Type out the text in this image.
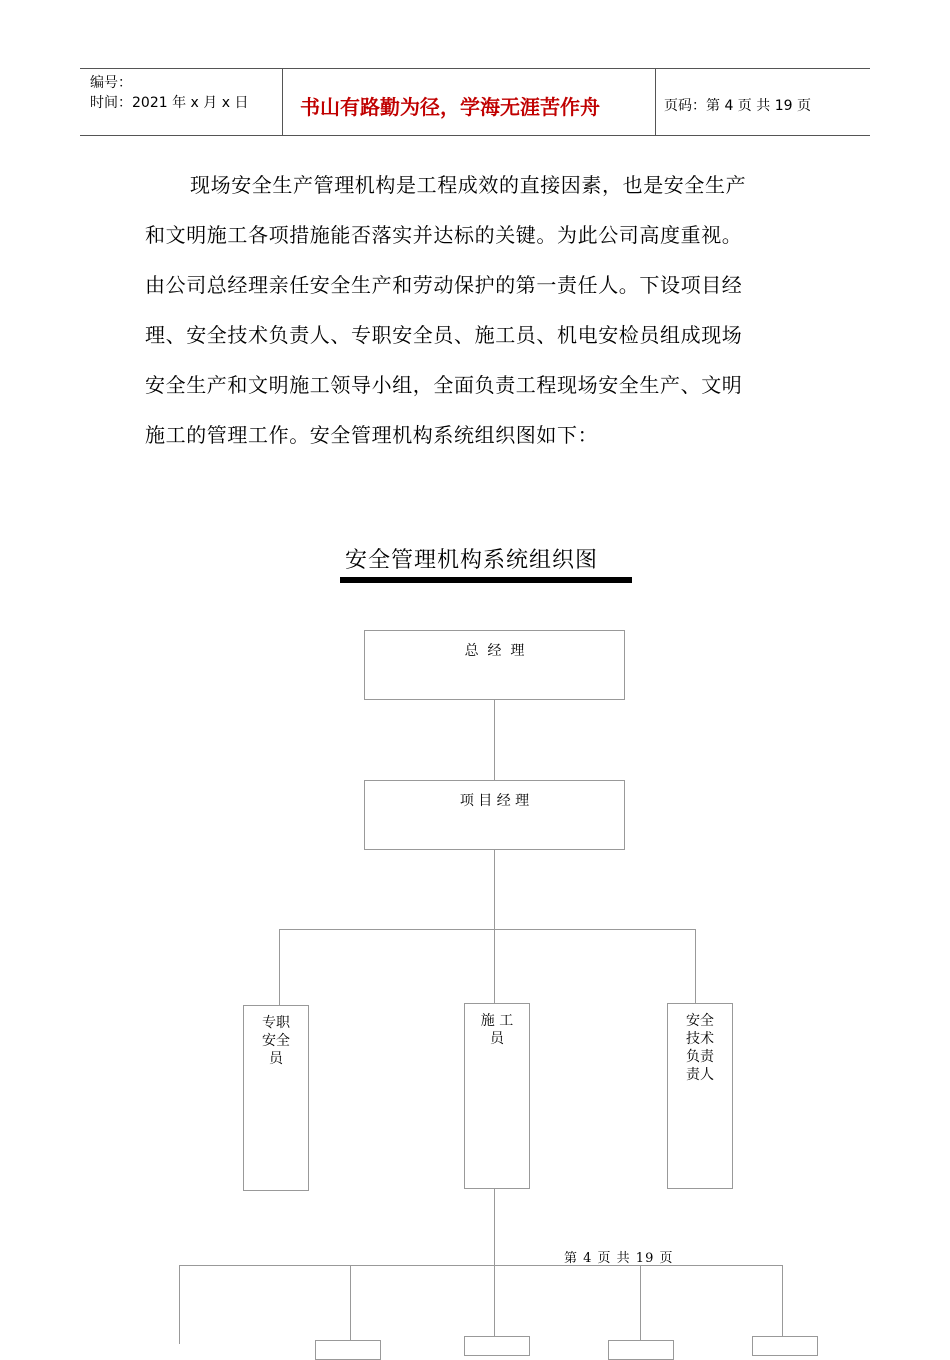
编号：
时间：2021 年 x 月 x 日	书山有路勤为径，学海无涯苦作舟	页码：第 4 页 共 19 页
现场安全生产管理机构是工程成效的直接因素，也是安全生产
和文明施工各项措施能否落实并达标的关键。为此公司高度重视。
由公司总经理亲任安全生产和劳动保护的第一责任人。下设项目经
理、安全技术负责人、专职安全员、施工员、机电安检员组成现场
安全生产和文明施工领导小组，全面负责工程现场安全生产、文明
施工的管理工作。安全管理机构系统组织图如下：
安全管理机构系统组织图
总  经  理
项 目 经 理
专职
安全
员
施 工
员
安全
技术
负责
责人
第 4 页 共 19 页
